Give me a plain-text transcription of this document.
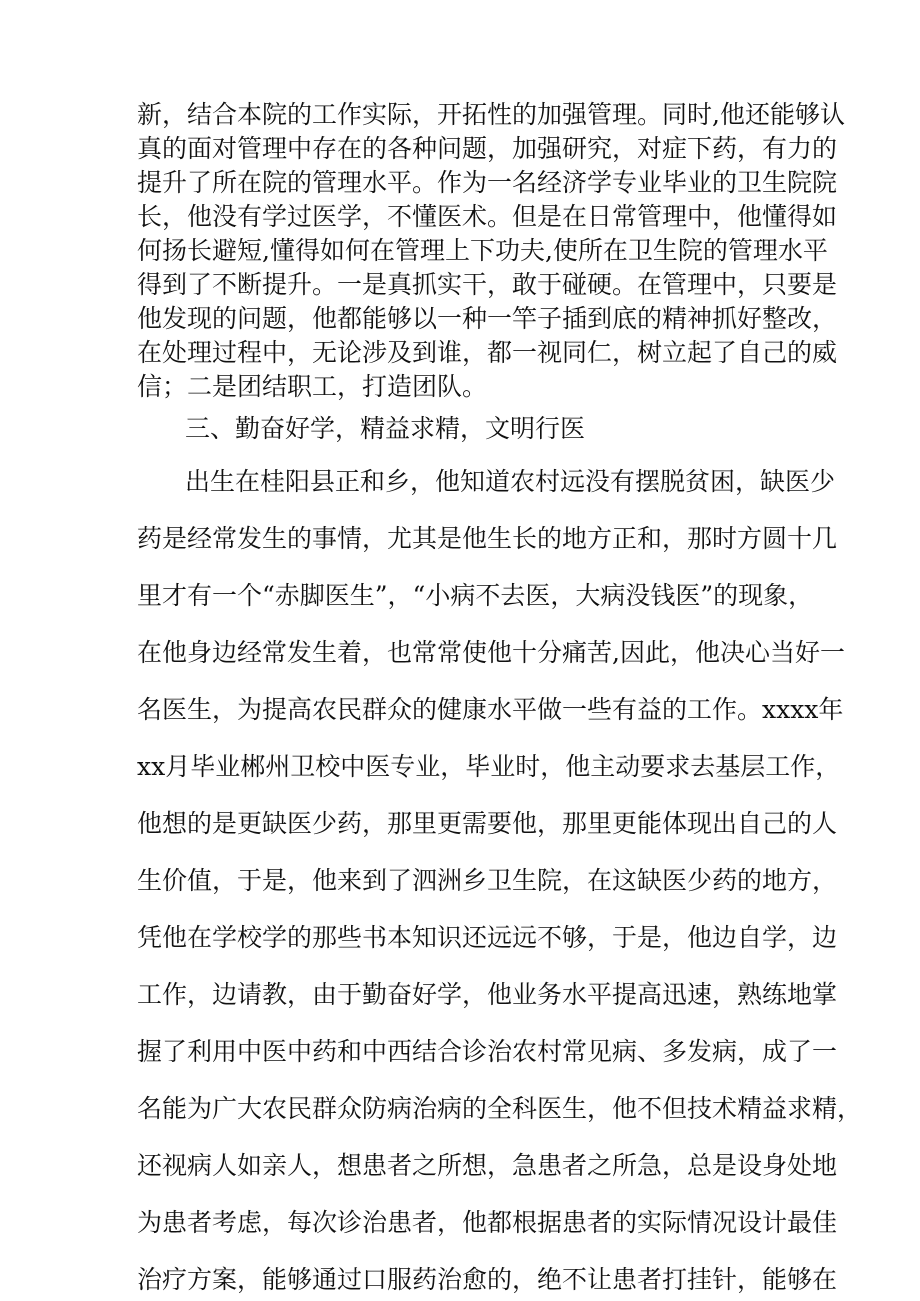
新，结合本院的工作实际，开拓性的加强管理。同时,他还能够认
真的面对管理中存在的各种问题，加强研究，对症下药，有力的
提升了所在院的管理水平。作为一名经济学专业毕业的卫生院院
长，他没有学过医学，不懂医术。但是在日常管理中，他懂得如
何扬长避短,懂得如何在管理上下功夫,使所在卫生院的管理水平
得到了不断提升。一是真抓实干，敢于碰硬。在管理中，只要是
他发现的问题，他都能够以一种一竿子插到底的精神抓好整改，
在处理过程中，无论涉及到谁，都一视同仁，树立起了自己的威
信；二是团结职工，打造团队。
三、勤奋好学，精益求精，文明行医
出生在桂阳县正和乡，他知道农村远没有摆脱贫困，缺医少
药是经常发生的事情，尤其是他生长的地方正和，那时方圆十几
里才有一个“赤脚医生”，“小病不去医，大病没钱医”的现象，
在他身边经常发生着，也常常使他十分痛苦,因此，他决心当好一
名医生，为提高农民群众的健康水平做一些有益的工作。xxxx年
xx月毕业郴州卫校中医专业，毕业时，他主动要求去基层工作，
他想的是更缺医少药，那里更需要他，那里更能体现出自己的人
生价值，于是，他来到了泗洲乡卫生院，在这缺医少药的地方，
凭他在学校学的那些书本知识还远远不够，于是，他边自学，边
工作，边请教，由于勤奋好学，他业务水平提高迅速，熟练地掌
握了利用中医中药和中西结合诊治农村常见病、多发病，成了一
名能为广大农民群众防病治病的全科医生，他不但技术精益求精，
还视病人如亲人，想患者之所想，急患者之所急，总是设身处地
为患者考虑，每次诊治患者，他都根据患者的实际情况设计最佳
治疗方案，能够通过口服药治愈的，绝不让患者打挂针，能够在
